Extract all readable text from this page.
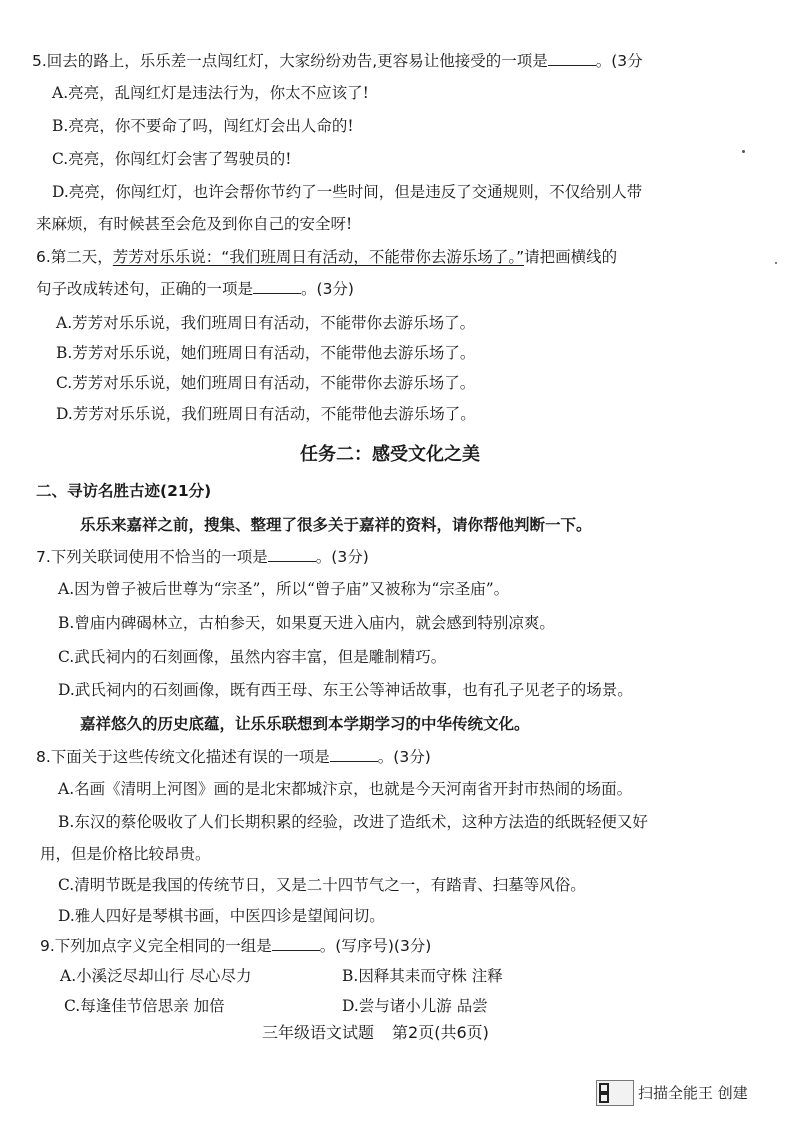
5.回去的路上，乐乐差一点闯红灯，大家纷纷劝告,更容易让他接受的一项是	。(3分
A.亮亮，乱闯红灯是违法行为，你太不应该了!
B.亮亮，你不要命了吗，闯红灯会出人命的!
C.亮亮，你闯红灯会害了驾驶员的!
D.亮亮，你闯红灯，也许会帮你节约了一些时间，但是违反了交通规则，不仅给别人带
来麻烦，有时候甚至会危及到你自己的安全呀!
6.第二天，芳芳对乐乐说：“我们班周日有活动，不能带你去游乐场了。”请把画横线的
句子改成转述句，正确的一项是	。(3分)
A.芳芳对乐乐说，我们班周日有活动，不能带你去游乐场了。
B.芳芳对乐乐说，她们班周日有活动，不能带他去游乐场了。
C.芳芳对乐乐说，她们班周日有活动，不能带你去游乐场了。
D.芳芳对乐乐说，我们班周日有活动，不能带他去游乐场了。
任务二：感受文化之美
二、寻访名胜古迹(21分)
乐乐来嘉祥之前，搜集、整理了很多关于嘉祥的资料，请你帮他判断一下。
7.下列关联词使用不恰当的一项是	。(3分)
A.因为曾子被后世尊为“宗圣”，所以“曾子庙”又被称为“宗圣庙”。
B.曾庙内碑碣林立，古柏参天，如果夏天进入庙内，就会感到特别凉爽。
C.武氏祠内的石刻画像，虽然内容丰富，但是雕制精巧。
D.武氏祠内的石刻画像，既有西王母、东王公等神话故事，也有孔子见老子的场景。
嘉祥悠久的历史底蕴，让乐乐联想到本学期学习的中华传统文化。
8.下面关于这些传统文化描述有误的一项是	。(3分)
A.名画《清明上河图》画的是北宋都城汴京，也就是今天河南省开封市热闹的场面。
B.东汉的蔡伦吸收了人们长期积累的经验，改进了造纸术，这种方法造的纸既轻便又好
用，但是价格比较昂贵。
C.清明节既是我国的传统节日，又是二十四节气之一，有踏青、扫墓等风俗。
D.雅人四好是琴棋书画，中医四诊是望闻问切。
9.下列加点字义完全相同的一组是	。(写序号)(3分)
A.小溪泛尽却山行 尽心尽力	B.因释其耒而守株 注释
C.每逢佳节倍思亲 加倍	D.尝与诸小儿游 品尝
三年级语文试题 第2页(共6页)
扫描全能王 创建
